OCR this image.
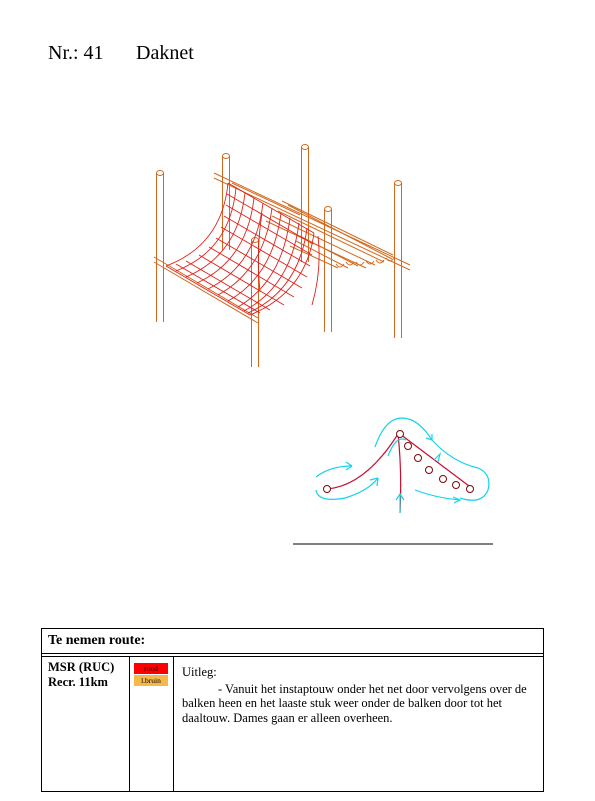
Nr.: 41 Daknet
Te nemen route:
MSR (RUC)
Recr. 11km
rood
l.bruin
Uitleg:
- Vanuit het instaptouw onder het net door vervolgens over de balken heen en het laaste stuk weer onder de balken door tot het daaltouw. Dames gaan er alleen overheen.
